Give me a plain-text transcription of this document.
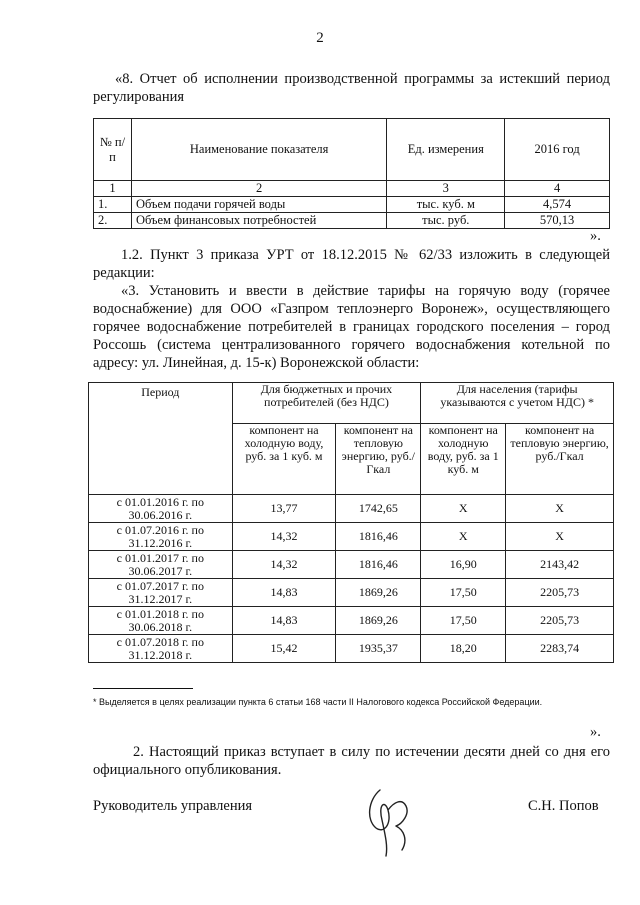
2
«8. Отчет об исполнении производственной программы за истекший период регулирования
№ п/п	Наименование показателя	Ед. измерения	2016 год
1	2	3	4
1.	Объем подачи горячей воды	тыс. куб. м	4,574
2.	Объем финансовых потребностей	тыс. руб.	570,13
».
1.2. Пункт 3 приказа УРТ от 18.12.2015 № 62/33 изложить в следующей редакции:
«3. Установить и ввести в действие тарифы на горячую воду (горячее водоснабжение) для ООО «Газпром теплоэнерго Воронеж», осуществляющего горячее водоснабжение потребителей в границах городского поселения – город Россошь (система централизованного горячего водоснабжения котельной по адресу: ул. Линейная, д. 15-к) Воронежской области:
Период	Для бюджетных и прочих потребителей (без НДС)		Для населения (тарифы указываются с учетом НДС) *	
	компонент на холодную воду, руб. за 1 куб. м	компонент на тепловую энергию, руб./Гкал	компонент на холодную воду, руб. за 1 куб. м	компонент на тепловую энергию, руб./Гкал
с 01.01.2016 г. по 30.06.2016 г.	13,77	1742,65	X	X
с 01.07.2016 г. по 31.12.2016 г.	14,32	1816,46	X	X
с 01.01.2017 г. по 30.06.2017 г.	14,32	1816,46	16,90	2143,42
с 01.07.2017 г. по 31.12.2017 г.	14,83	1869,26	17,50	2205,73
с 01.01.2018 г. по 30.06.2018 г.	14,83	1869,26	17,50	2205,73
с 01.07.2018 г. по 31.12.2018 г.	15,42	1935,37	18,20	2283,74
* Выделяется в целях реализации пункта 6 статьи 168 части II Налогового кодекса Российской Федерации.
».
2. Настоящий приказ вступает в силу по истечении десяти дней со дня его официального опубликования.
Руководитель управления	С.Н. Попов
